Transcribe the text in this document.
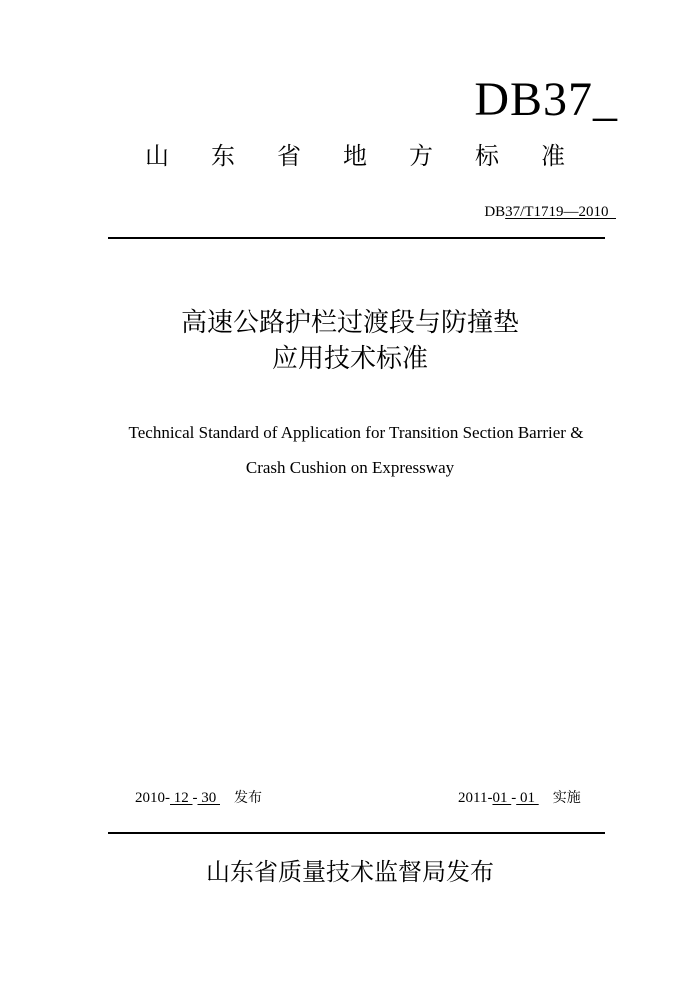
DB37_
山 东 省 地 方 标 准
DB37/T1719—2010
高速公路护栏过渡段与防撞垫
应用技术标准
Technical Standard of Application for Transition Section Barrier &
Crash Cushion on Expressway
2010- 12 - 30 发布	2011-01 - 01 实施
山东省质量技术监督局发布
